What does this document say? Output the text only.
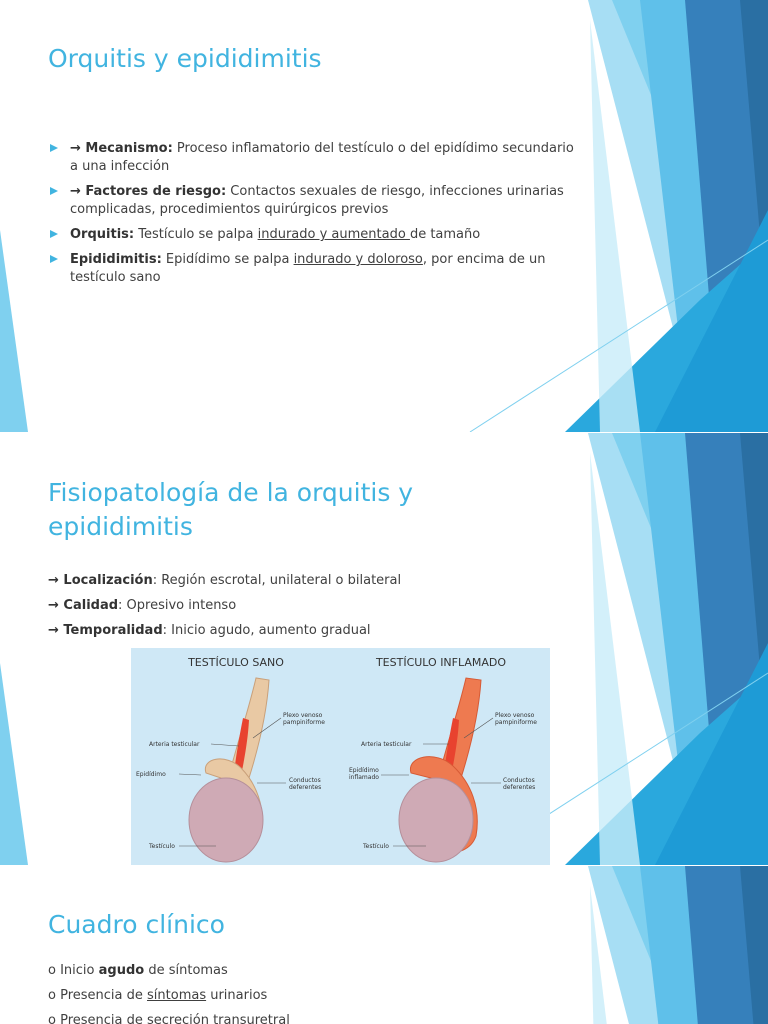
Orquitis y epididimitis
→ Mecanismo: Proceso inflamatorio del testículo o del epidídimo secundario a una infección
→ Factores de riesgo: Contactos sexuales de riesgo, infecciones urinarias complicadas, procedimientos quirúrgicos previos
Orquitis: Testículo se palpa indurado y aumentado de tamaño
Epididimitis: Epidídimo se palpa indurado y doloroso, por encima de un testículo sano
Fisiopatología de la orquitis y
epididimitis
→ Localización: Región escrotal, unilateral o bilateral
→ Calidad: Opresivo intenso
→ Temporalidad: Inicio agudo, aumento gradual
TESTÍCULO SANO	TESTÍCULO INFLAMADO
Plexo venoso
pampiniforme
Arteria testicular
Epidídimo
Conductos
deferentes
Testículo
Plexo venoso
pampiniforme
Arteria testicular
Epidídimo
inflamado	Conductos
deferentes
Testículo
Cuadro clínico
o Inicio agudo de síntomas
o Presencia de síntomas urinarios
o Presencia de secreción transuretral
